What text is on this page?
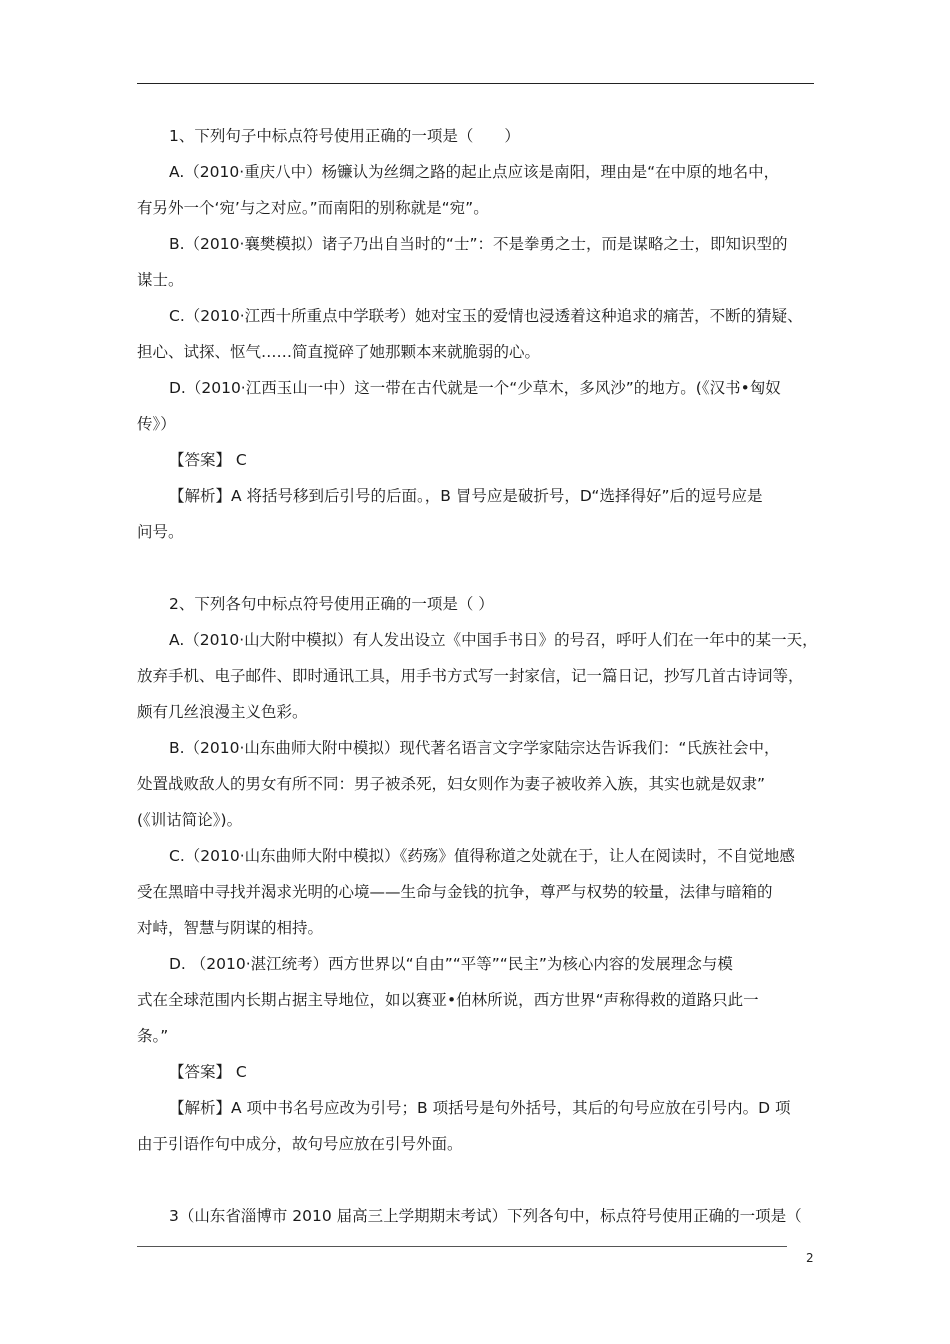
1、下列句子中标点符号使用正确的一项是（　　）
A.（2010·重庆八中）杨镰认为丝绸之路的起止点应该是南阳，理由是“在中原的地名中，
有另外一个‘宛’与之对应。”而南阳的别称就是“宛”。
B.（2010·襄樊模拟）诸子乃出自当时的“士”：不是拳勇之士，而是谋略之士，即知识型的
谋士。
C.（2010·江西十所重点中学联考）她对宝玉的爱情也浸透着这种追求的痛苦，不断的猜疑、
担心、试探、怄气……简直搅碎了她那颗本来就脆弱的心。
D.（2010·江西玉山一中）这一带在古代就是一个“少草木，多风沙”的地方。(《汉书•匈奴
传》）
【答案】 C
【解析】A 将括号移到后引号的后面。，B 冒号应是破折号，D“选择得好”后的逗号应是
问号。
2、下列各句中标点符号使用正确的一项是（ ）
A.（2010·山大附中模拟）有人发出设立《中国手书日》的号召，呼吁人们在一年中的某一天，
放弃手机、电子邮件、即时通讯工具，用手书方式写一封家信，记一篇日记，抄写几首古诗词等，
颇有几丝浪漫主义色彩。
B.（2010·山东曲师大附中模拟）现代著名语言文字学家陆宗达告诉我们：“氏族社会中，
处置战败敌人的男女有所不同：男子被杀死，妇女则作为妻子被收养入族，其实也就是奴隶”
(《训诂简论》)。
C.（2010·山东曲师大附中模拟）《药殇》值得称道之处就在于，让人在阅读时，不自觉地感
受在黑暗中寻找并渴求光明的心境——生命与金钱的抗争，尊严与权势的较量，法律与暗箱的
对峙，智慧与阴谋的相持。
D. （2010·湛江统考）西方世界以“自由”“平等”“民主”为核心内容的发展理念与模
式在全球范围内长期占据主导地位，如以赛亚•伯林所说，西方世界“声称得救的道路只此一
条。”
【答案】 C
【解析】A 项中书名号应改为引号；B 项括号是句外括号，其后的句号应放在引号内。D 项
由于引语作句中成分，故句号应放在引号外面。
3（山东省淄博市 2010 届高三上学期期末考试）下列各句中，标点符号使用正确的一项是（
2
